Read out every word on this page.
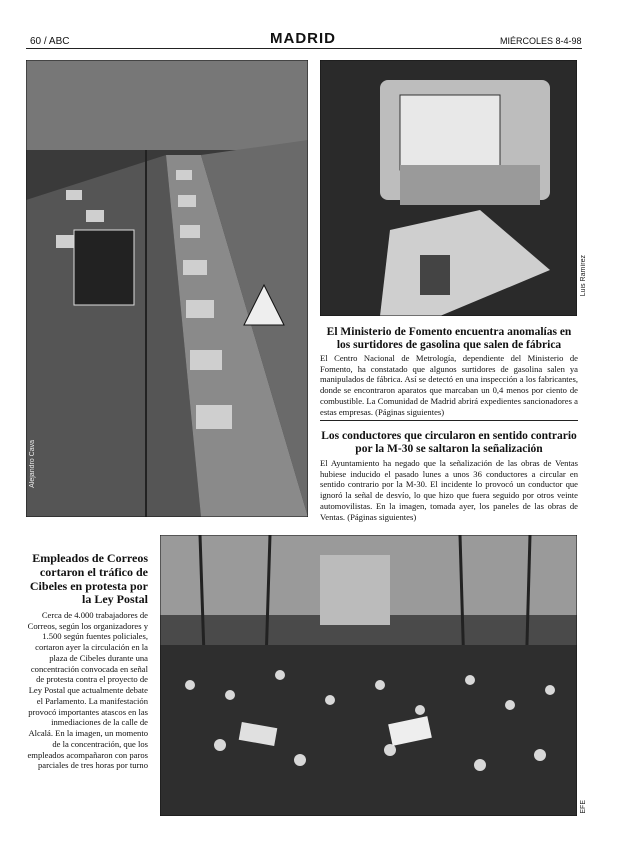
60 / ABC	MADRID	MIÉRCOLES 8-4-98
Alejandro Cava
Luis Ramírez
El Ministerio de Fomento encuentra anomalías en los surtidores de gasolina que salen de fábrica
El Centro Nacional de Metrología, dependiente del Ministerio de Fomento, ha constatado que algunos surtidores de gasolina salen ya manipulados de fábrica. Así se detectó en una inspección a los fabricantes, donde se encontraron aparatos que marcaban un 0,4 menos por ciento de combustible. La Comunidad de Madrid abrirá expedientes sancionadores a estas empresas. (Páginas siguientes)
Los conductores que circularon en sentido contrario por la M-30 se saltaron la señalización
El Ayuntamiento ha negado que la señalización de las obras de Ventas hubiese inducido el pasado lunes a unos 36 conductores a circular en sentido contrario por la M-30. El incidente lo provocó un conductor que ignoró la señal de desvío, lo que hizo que fuera seguido por otros veinte automovilistas. En la imagen, tomada ayer, los paneles de las obras de Ventas. (Páginas siguientes)
Empleados de Correos cortaron el tráfico de Cibeles en protesta por la Ley Postal
Cerca de 4.000 trabajadores de Correos, según los organizadores y 1.500 según fuentes policiales, cortaron ayer la circulación en la plaza de Cibeles durante una concentración convocada en señal de protesta contra el proyecto de Ley Postal que actualmente debate el Parlamento. La manifestación provocó importantes atascos en las inmediaciones de la calle de Alcalá. En la imagen, un momento de la concentración, que los empleados acompañaron con paros parciales de tres horas por turno
EFE
